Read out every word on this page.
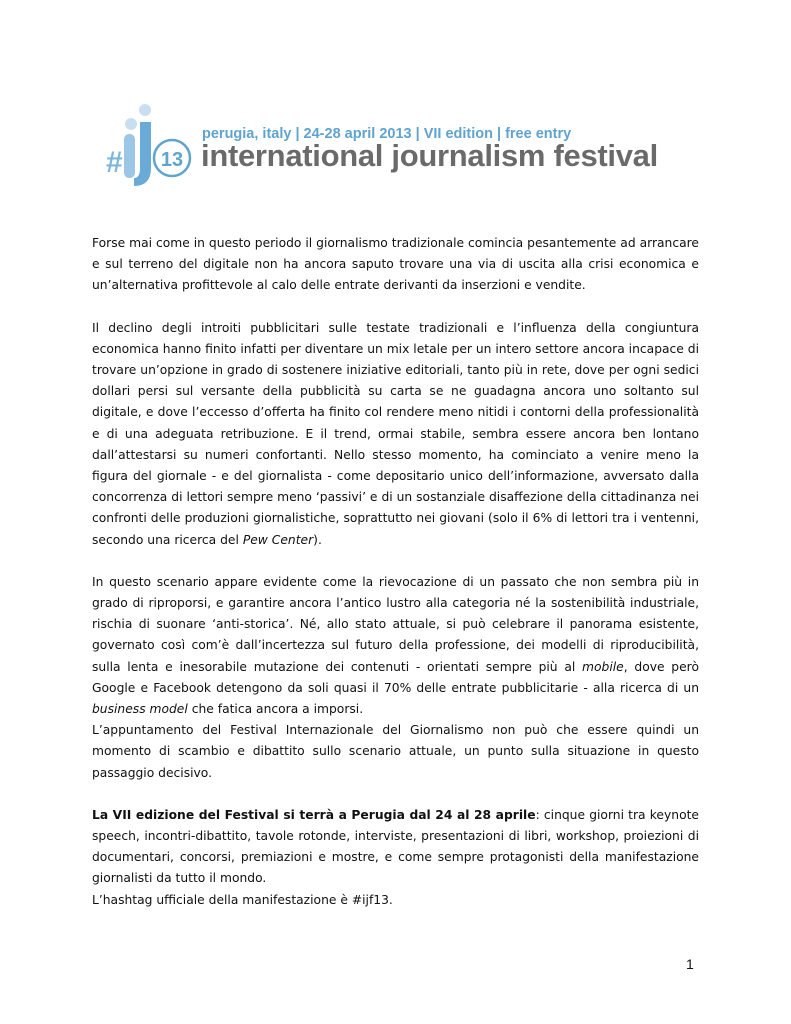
# 13
perugia, italy | 24-28 april 2013 | VII edition | free entry
international journalism festival

Forse mai come in questo periodo il giornalismo tradizionale comincia pesantemente ad arrancare e sul terreno del digitale non ha ancora saputo trovare una via di uscita alla crisi economica e un’alternativa profittevole al calo delle entrate derivanti da inserzioni e vendite.

Il declino degli introiti pubblicitari sulle testate tradizionali e l’influenza della congiuntura economica hanno finito infatti per diventare un mix letale per un intero settore ancora incapace di trovare un’opzione in grado di sostenere iniziative editoriali, tanto più in rete, dove per ogni sedici dollari persi sul versante della pubblicità su carta se ne guadagna ancora uno soltanto sul digitale, e dove l’eccesso d’offerta ha finito col rendere meno nitidi i contorni della professionalità e di una adeguata retribuzione. E il trend, ormai stabile, sembra essere ancora ben lontano dall’attestarsi su numeri confortanti. Nello stesso momento, ha cominciato a venire meno la figura del giornale - e del giornalista - come depositario unico dell’informazione, avversato dalla concorrenza di lettori sempre meno ‘passivi’ e di un sostanziale disaffezione della cittadinanza nei confronti delle produzioni giornalistiche, soprattutto nei giovani (solo il 6% di lettori tra i ventenni, secondo una ricerca del Pew Center).

In questo scenario appare evidente come la rievocazione di un passato che non sembra più in grado di riproporsi, e garantire ancora l’antico lustro alla categoria né la sostenibilità industriale, rischia di suonare ‘anti-storica’. Né, allo stato attuale, si può celebrare il panorama esistente, governato così com’è dall’incertezza sul futuro della professione, dei modelli di riproducibilità, sulla lenta e inesorabile mutazione dei contenuti - orientati sempre più al mobile, dove però Google e Facebook detengono da soli quasi il 70% delle entrate pubblicitarie - alla ricerca di un business model che fatica ancora a imporsi.

L’appuntamento del Festival Internazionale del Giornalismo non può che essere quindi un momento di scambio e dibattito sullo scenario attuale, un punto sulla situazione in questo passaggio decisivo.

La VII edizione del Festival si terrà a Perugia dal 24 al 28 aprile: cinque giorni tra keynote speech, incontri-dibattito, tavole rotonde, interviste, presentazioni di libri, workshop, proiezioni di documentari, concorsi, premiazioni e mostre, e come sempre protagonisti della manifestazione giornalisti da tutto il mondo.

L’hashtag ufficiale della manifestazione è #ijf13.

1
